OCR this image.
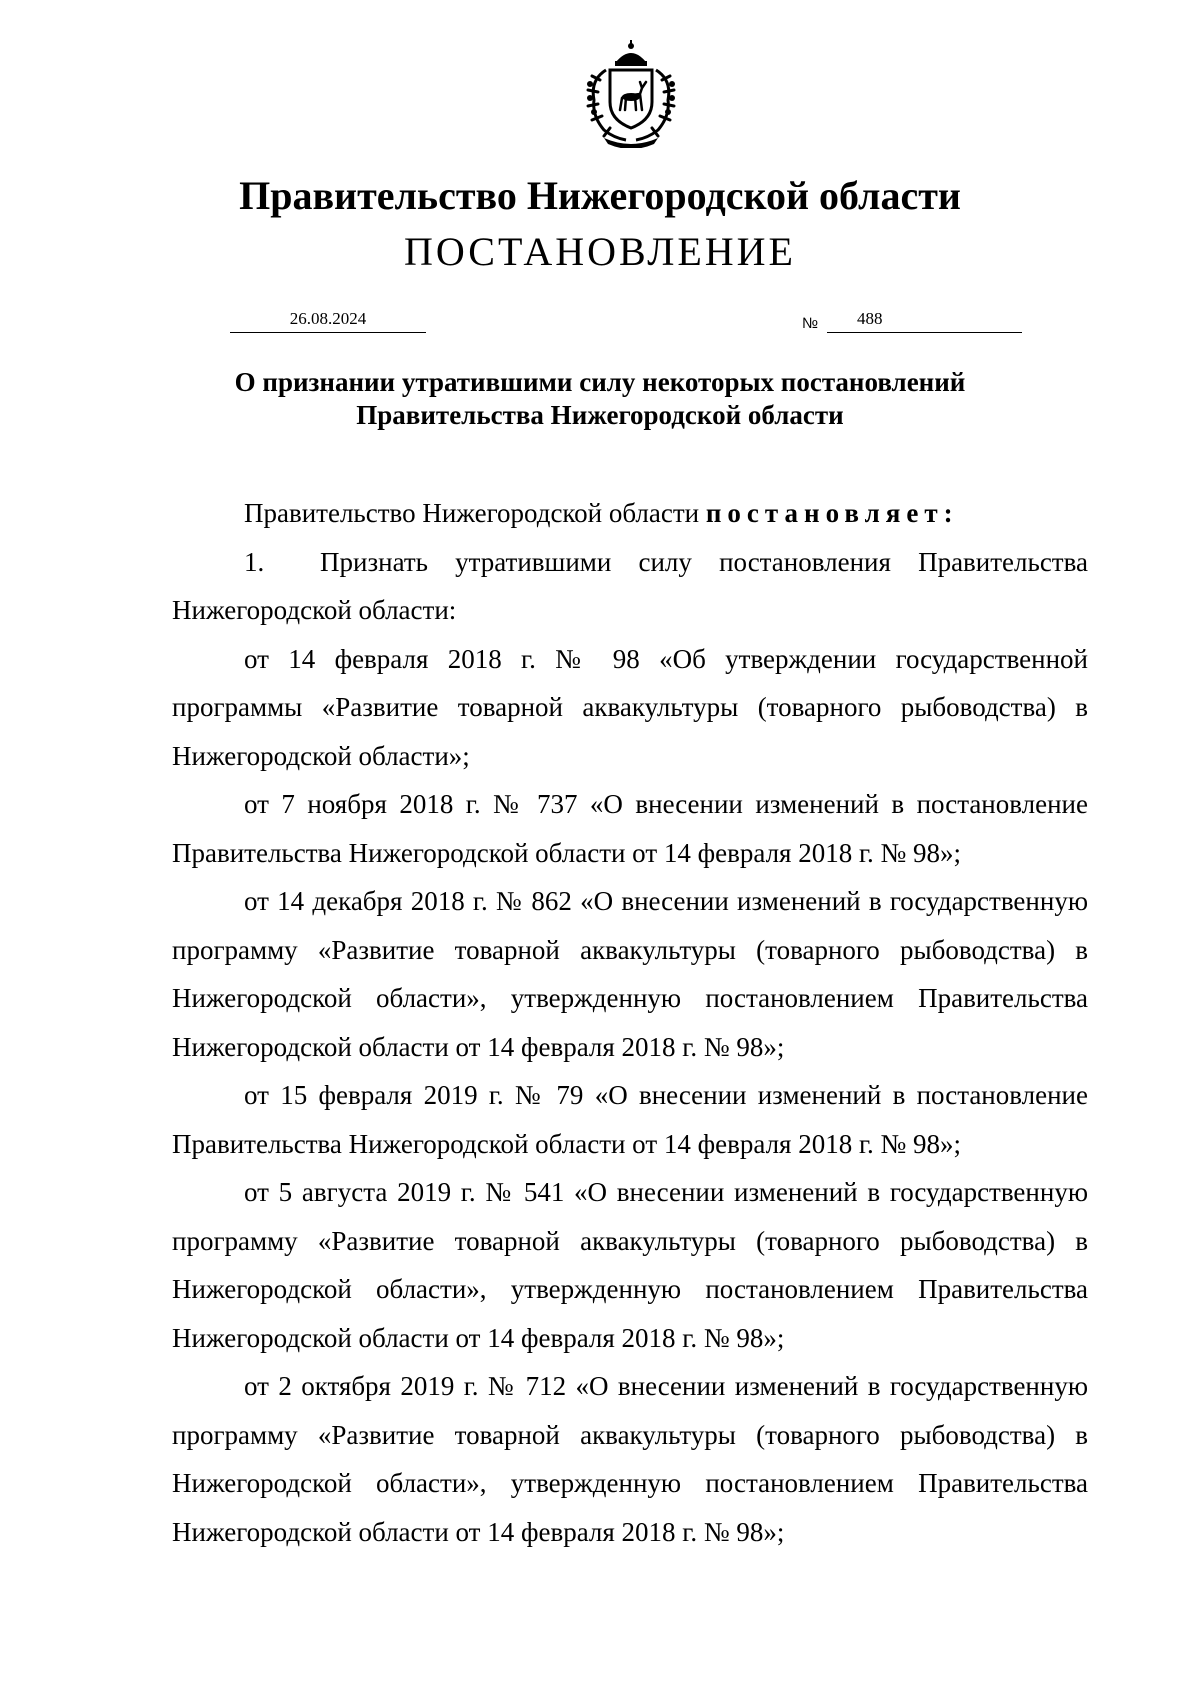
Правительство Нижегородской области
ПОСТАНОВЛЕНИЕ
26.08.2024	№ 488
О признании утратившими силу некоторых постановлений
Правительства Нижегородской области

Правительство Нижегородской области постановляет:

1. Признать утратившими силу постановления Правительства Нижегородской области:

от 14 февраля 2018 г. № 98 «Об утверждении государственной программы «Развитие товарной аквакультуры (товарного рыбоводства) в Нижегородской области»;

от 7 ноября 2018 г. № 737 «О внесении изменений в постановление Правительства Нижегородской области от 14 февраля 2018 г. № 98»;

от 14 декабря 2018 г. № 862 «О внесении изменений в государственную программу «Развитие товарной аквакультуры (товарного рыбоводства) в Нижегородской области», утвержденную постановлением Правительства Нижегородской области от 14 февраля 2018 г. № 98»;

от 15 февраля 2019 г. № 79 «О внесении изменений в постановление Правительства Нижегородской области от 14 февраля 2018 г. № 98»;

от 5 августа 2019 г. № 541 «О внесении изменений в государственную программу «Развитие товарной аквакультуры (товарного рыбоводства) в Нижегородской области», утвержденную постановлением Правительства Нижегородской области от 14 февраля 2018 г. № 98»;

от 2 октября 2019 г. № 712 «О внесении изменений в государственную программу «Развитие товарной аквакультуры (товарного рыбоводства) в Нижегородской области», утвержденную постановлением Правительства Нижегородской области от 14 февраля 2018 г. № 98»;
